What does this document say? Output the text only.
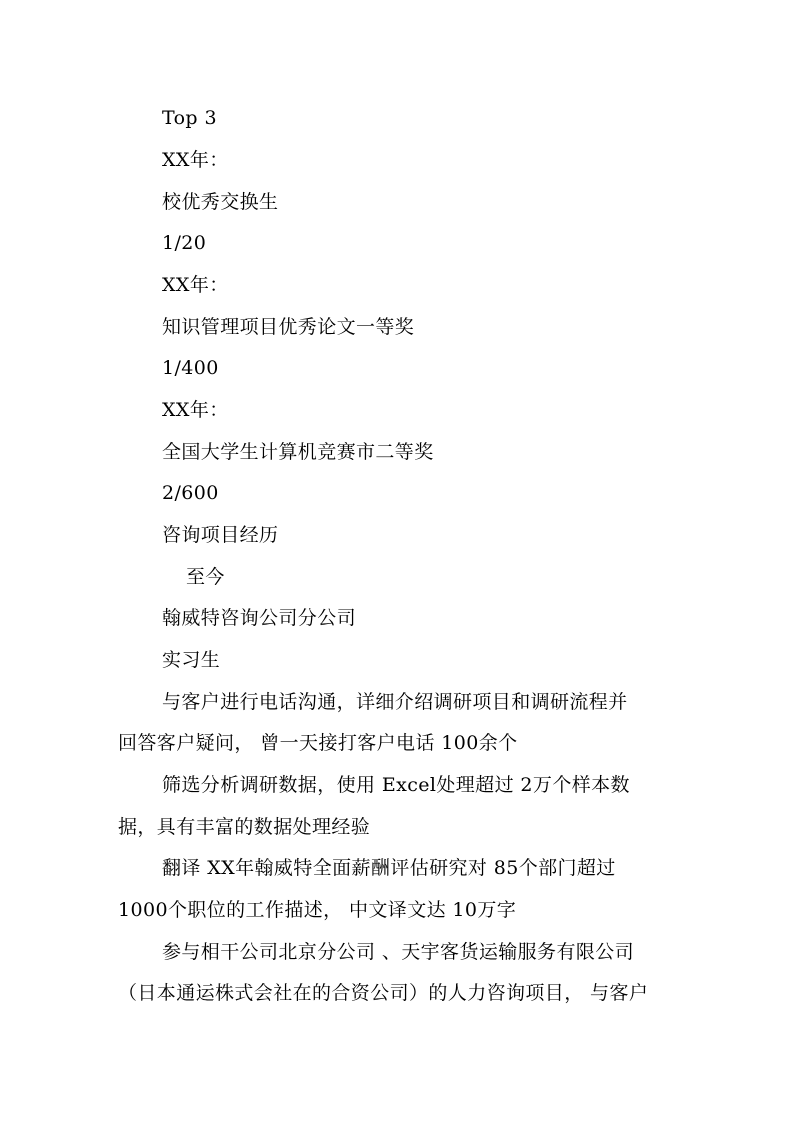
Top 3
XX年：
校优秀交换生
1/20
XX年：
知识管理项目优秀论文一等奖
1/400
XX年：
全国大学生计算机竞赛市二等奖
2/600
咨询项目经历
至今
翰威特咨询公司分公司
实习生
与客户进行电话沟通，详细介绍调研项目和调研流程并
回答客户疑问， 曾一天接打客户电话 100余个
筛选分析调研数据，使用 Excel处理超过 2万个样本数
据，具有丰富的数据处理经验
翻译 XX年翰威特全面薪酬评估研究对 85个部门超过
1000个职位的工作描述， 中文译文达 10万字
参与相干公司北京分公司 、天宇客货运输服务有限公司
（日本通运株式会社在的合资公司）的人力咨询项目， 与客户
